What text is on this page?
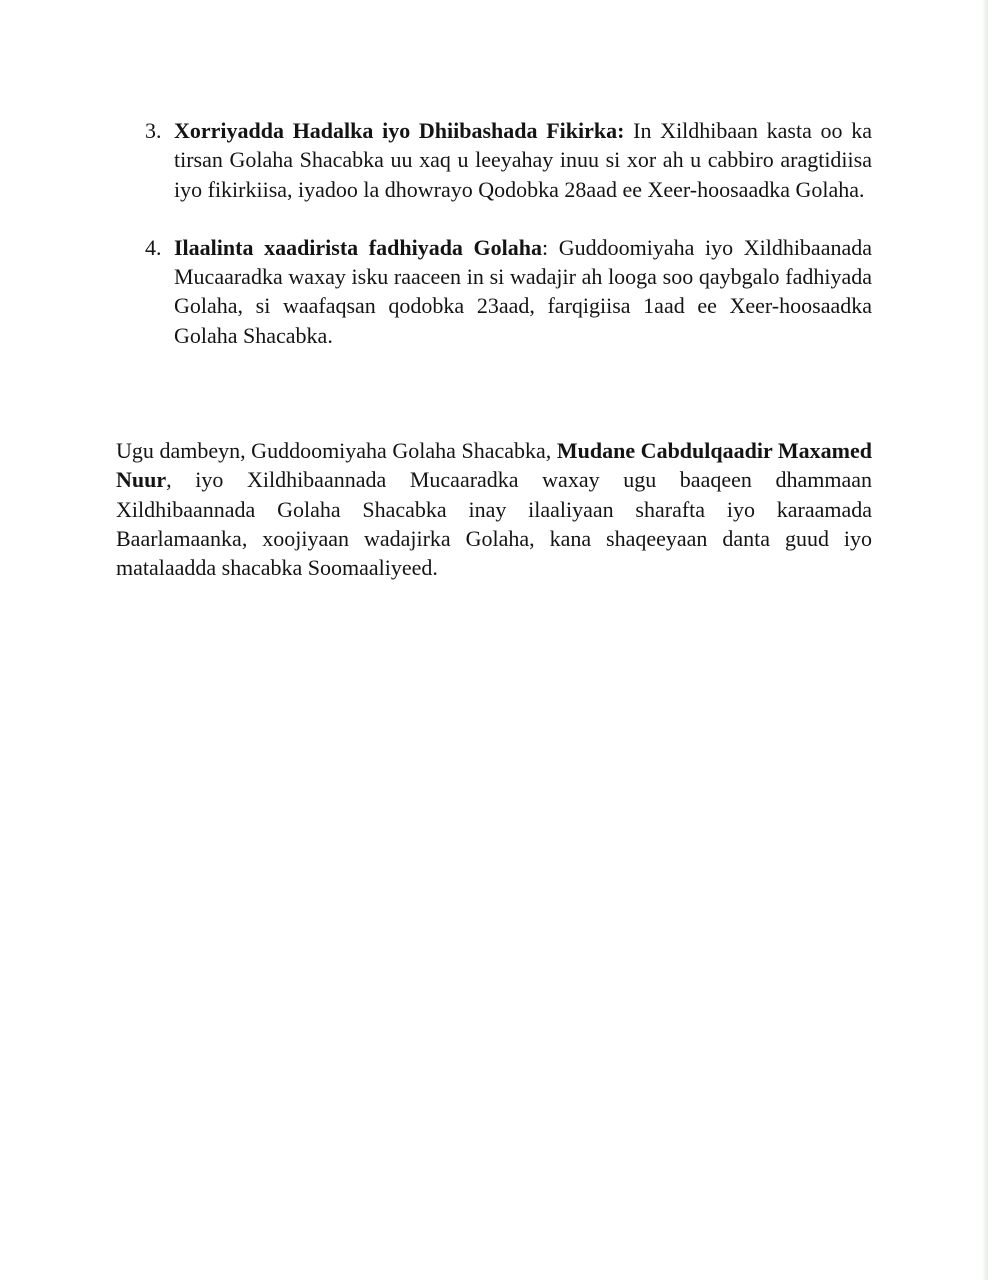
3. Xorriyadda Hadalka iyo Dhiibashada Fikirka: In Xildhibaan kasta oo ka tirsan Golaha Shacabka uu xaq u leeyahay inuu si xor ah u cabbiro aragtidiisa iyo fikirkiisa, iyadoo la dhowrayo Qodobka 28aad ee Xeer-hoosaadka Golaha.
4. Ilaalinta xaadirista fadhiyada Golaha: Guddoomiyaha iyo Xildhibaanada Mucaaradka waxay isku raaceen in si wadajir ah looga soo qaybgalo fadhiyada Golaha, si waafaqsan qodobka 23aad, farqigiisa 1aad ee Xeer-hoosaadka Golaha Shacabka.

Ugu dambeyn, Guddoomiyaha Golaha Shacabka, Mudane Cabdulqaadir Maxamed Nuur, iyo Xildhibaannada Mucaaradka waxay ugu baaqeen dhammaan Xildhibaannada Golaha Shacabka inay ilaaliyaan sharafta iyo karaamada Baarlamaanka, xoojiyaan wadajirka Golaha, kana shaqeeyaan danta guud iyo matalaadda shacabka Soomaaliyeed.
